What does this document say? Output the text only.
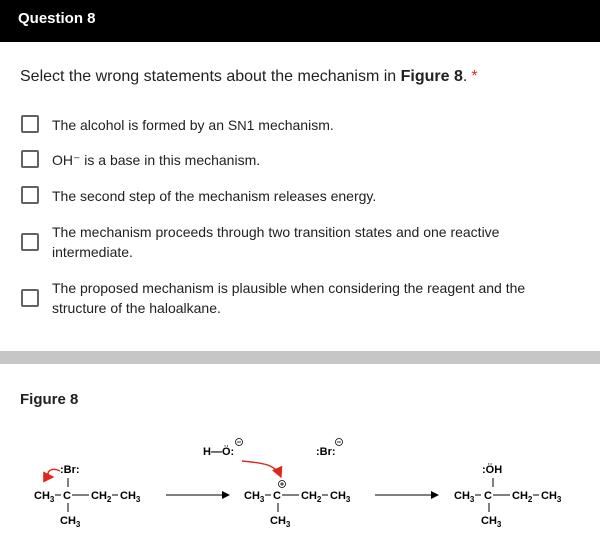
Question 8
Select the wrong statements about the mechanism in Figure 8. *
The alcohol is formed by an SN1 mechanism.
OH⁻ is a base in this mechanism.
The second step of the mechanism releases energy.
The mechanism proceeds through two transition states and one reactive
intermediate.
The proposed mechanism is plausible when considering the reagent and the
structure of the haloalkane.
Figure 8
:Br:
$CH_3$ C $CH_2$ $CH_3$
$CH_3$
H—Ö:	:Br:
$CH_3$ C $CH_2$ $CH_3$
$CH_3$
:ÖH
$CH_3$ C $CH_2$ $CH_3$
$CH_3$
